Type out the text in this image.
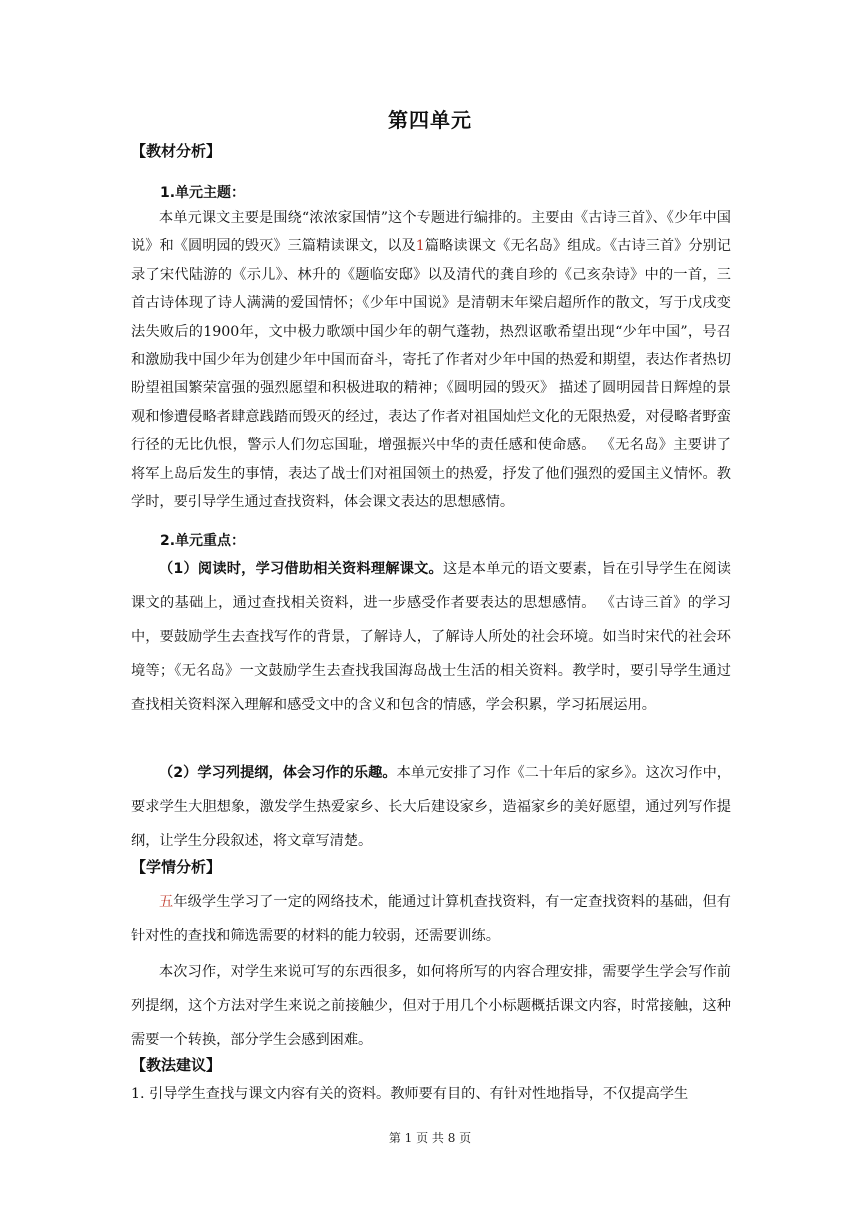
第四单元
【教材分析】
1.单元主题：

本单元课文主要是围绕“浓浓家国情”这个专题进行编排的。主要由《古诗三首》、《少年中国说》和《圆明园的毁灭》三篇精读课文，以及1篇略读课文《无名岛》组成。《古诗三首》分别记录了宋代陆游的《示儿》、林升的《题临安邸》以及清代的龚自珍的《己亥杂诗》中的一首，三首古诗体现了诗人满满的爱国情怀；《少年中国说》是清朝末年梁启超所作的散文，写于戊戌变法失败后的1900年，文中极力歌颂中国少年的朝气蓬勃，热烈讴歌希望出现“少年中国”，号召和激励我中国少年为创建少年中国而奋斗，寄托了作者对少年中国的热爱和期望，表达作者热切盼望祖国繁荣富强的强烈愿望和积极进取的精神；《圆明园的毁灭》 描述了圆明园昔日辉煌的景观和惨遭侵略者肆意践踏而毁灭的经过，表达了作者对祖国灿烂文化的无限热爱，对侵略者野蛮行径的无比仇恨，警示人们勿忘国耻，增强振兴中华的责任感和使命感。 《无名岛》主要讲了将军上岛后发生的事情，表达了战士们对祖国领土的热爱，抒发了他们强烈的爱国主义情怀。教学时，要引导学生通过查找资料，体会课文表达的思想感情。

2.单元重点：

（1）阅读时，学习借助相关资料理解课文。这是本单元的语文要素，旨在引导学生在阅读课文的基础上，通过查找相关资料，进一步感受作者要表达的思想感情。 《古诗三首》的学习中，要鼓励学生去查找写作的背景，了解诗人，了解诗人所处的社会环境。如当时宋代的社会环境等；《无名岛》一文鼓励学生去查找我国海岛战士生活的相关资料。教学时，要引导学生通过查找相关资料深入理解和感受文中的含义和包含的情感，学会积累，学习拓展运用。

（2）学习列提纲，体会习作的乐趣。本单元安排了习作《二十年后的家乡》。这次习作中，要求学生大胆想象，激发学生热爱家乡、长大后建设家乡，造福家乡的美好愿望，通过列写作提纲，让学生分段叙述，将文章写清楚。

【学情分析】

五年级学生学习了一定的网络技术，能通过计算机查找资料，有一定查找资料的基础，但有针对性的查找和筛选需要的材料的能力较弱，还需要训练。

本次习作，对学生来说可写的东西很多，如何将所写的内容合理安排，需要学生学会写作前列提纲，这个方法对学生来说之前接触少，但对于用几个小标题概括课文内容，时常接触，这种需要一个转换，部分学生会感到困难。

【教法建议】

1. 引导学生查找与课文内容有关的资料。教师要有目的、有针对性地指导，不仅提高学生

第 1 页 共 8 页
